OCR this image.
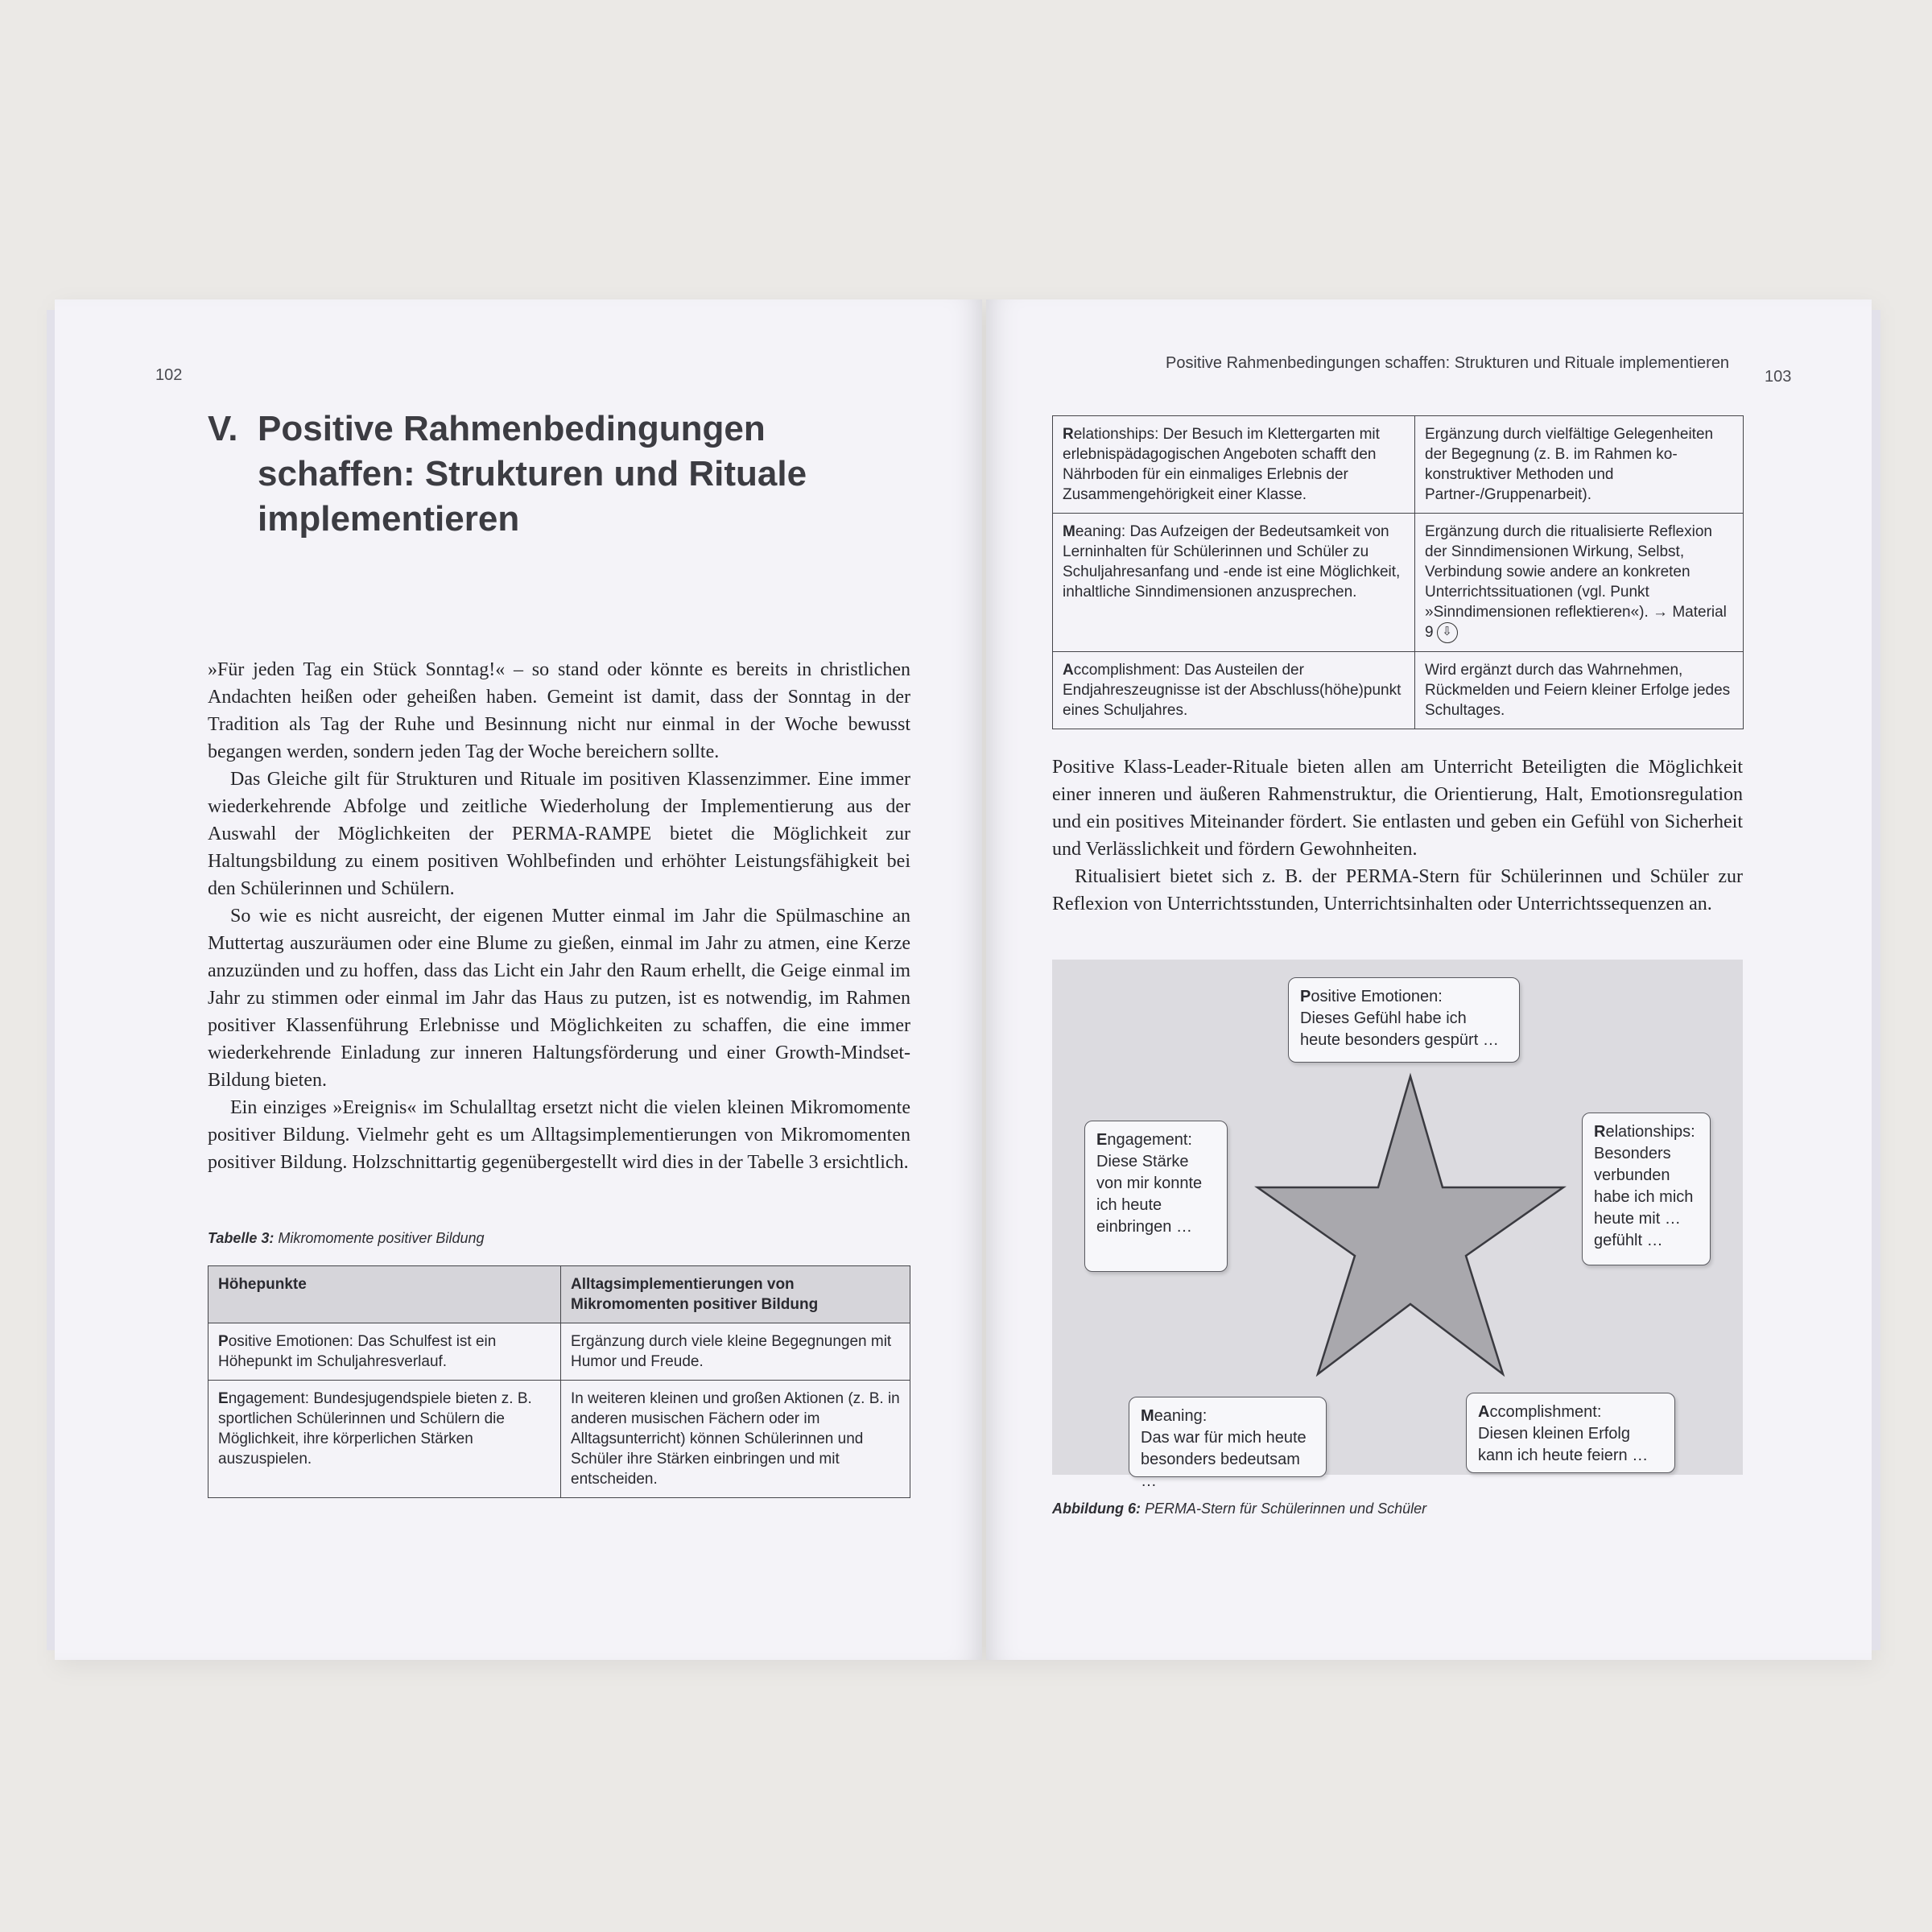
102
V. Positive Rahmenbedingungen schaffen: Strukturen und Rituale implementieren

»Für jeden Tag ein Stück Sonntag!« – so stand oder könnte es bereits in christlichen Andachten heißen oder geheißen haben. Gemeint ist damit, dass der Sonntag in der Tradition als Tag der Ruhe und Besinnung nicht nur einmal in der Woche bewusst begangen werden, sondern jeden Tag der Woche bereichern sollte.

Das Gleiche gilt für Strukturen und Rituale im positiven Klassenzimmer. Eine immer wiederkehrende Abfolge und zeitliche Wiederholung der Implementierung aus der Auswahl der Möglichkeiten der PERMA-RAMPE bietet die Möglichkeit zur Haltungsbildung zu einem positiven Wohlbefinden und erhöhter Leistungsfähigkeit bei den Schülerinnen und Schülern.

So wie es nicht ausreicht, der eigenen Mutter einmal im Jahr die Spülmaschine an Muttertag auszuräumen oder eine Blume zu gießen, einmal im Jahr zu atmen, eine Kerze anzuzünden und zu hoffen, dass das Licht ein Jahr den Raum erhellt, die Geige einmal im Jahr zu stimmen oder einmal im Jahr das Haus zu putzen, ist es notwendig, im Rahmen positiver Klassenführung Erlebnisse und Möglichkeiten zu schaffen, die eine immer wiederkehrende Einladung zur inneren Haltungsförderung und einer Growth-Mindset-Bildung bieten.

Ein einziges »Ereignis« im Schulalltag ersetzt nicht die vielen kleinen Mikromomente positiver Bildung. Vielmehr geht es um Alltagsimplementierungen von Mikromomenten positiver Bildung. Holzschnittartig gegenübergestellt wird dies in der Tabelle 3 ersichtlich.

Tabelle 3: Mikromomente positiver Bildung
Höhepunkte	Alltagsimplementierungen von Mikromomenten positiver Bildung
Positive Emotionen: Das Schulfest ist ein Höhepunkt im Schuljahresverlauf.	Ergänzung durch viele kleine Begegnungen mit Humor und Freude.
Engagement: Bundesjugendspiele bieten z. B. sportlichen Schülerinnen und Schülern die Möglichkeit, ihre körperlichen Stärken auszuspielen.	In weiteren kleinen und großen Aktionen (z. B. in anderen musischen Fächern oder im Alltagsunterricht) können Schülerinnen und Schüler ihre Stärken einbringen und mit entscheiden.
Positive Rahmenbedingungen schaffen: Strukturen und Rituale implementieren
103
Relationships: Der Besuch im Klettergarten mit erlebnispädagogischen Angeboten schafft den Nährboden für ein einmaliges Erlebnis der Zusammengehörigkeit einer Klasse.	Ergänzung durch vielfältige Gelegenheiten der Begegnung (z. B. im Rahmen ko-konstruktiver Methoden und Partner-/Gruppenarbeit).
Meaning: Das Aufzeigen der Bedeutsamkeit von Lerninhalten für Schülerinnen und Schüler zu Schuljahresanfang und -ende ist eine Möglichkeit, inhaltliche Sinndimensionen anzusprechen.	Ergänzung durch die ritualisierte Reflexion der Sinndimensionen Wirkung, Selbst, Verbindung sowie andere an konkreten Unterrichtssituationen (vgl. Punkt »Sinndimensionen reflektieren«). → Material 9 ⇩
Accomplishment: Das Austeilen der Endjahreszeugnisse ist der Abschluss(höhe)punkt eines Schuljahres.	Wird ergänzt durch das Wahrnehmen, Rückmelden und Feiern kleiner Erfolge jedes Schultages.

Positive Klass-Leader-Rituale bieten allen am Unterricht Beteiligten die Möglichkeit einer inneren und äußeren Rahmenstruktur, die Orientierung, Halt, Emotionsregulation und ein positives Miteinander fördert. Sie entlasten und geben ein Gefühl von Sicherheit und Verlässlichkeit und fördern Gewohnheiten.

Ritualisiert bietet sich z. B. der PERMA-Stern für Schülerinnen und Schüler zur Reflexion von Unterrichtsstunden, Unterrichtsinhalten oder Unterrichtssequenzen an.

Positive Emotionen:
Dieses Gefühl habe ich heute besonders gespürt …
Engagement:
Diese Stärke von mir konnte ich heute einbringen …
Relationships:
Besonders verbunden habe ich mich heute mit … gefühlt …
Meaning:
Das war für mich heute besonders bedeutsam …
Accomplishment:
Diesen kleinen Erfolg kann ich heute feiern …
Abbildung 6: PERMA-Stern für Schülerinnen und Schüler
